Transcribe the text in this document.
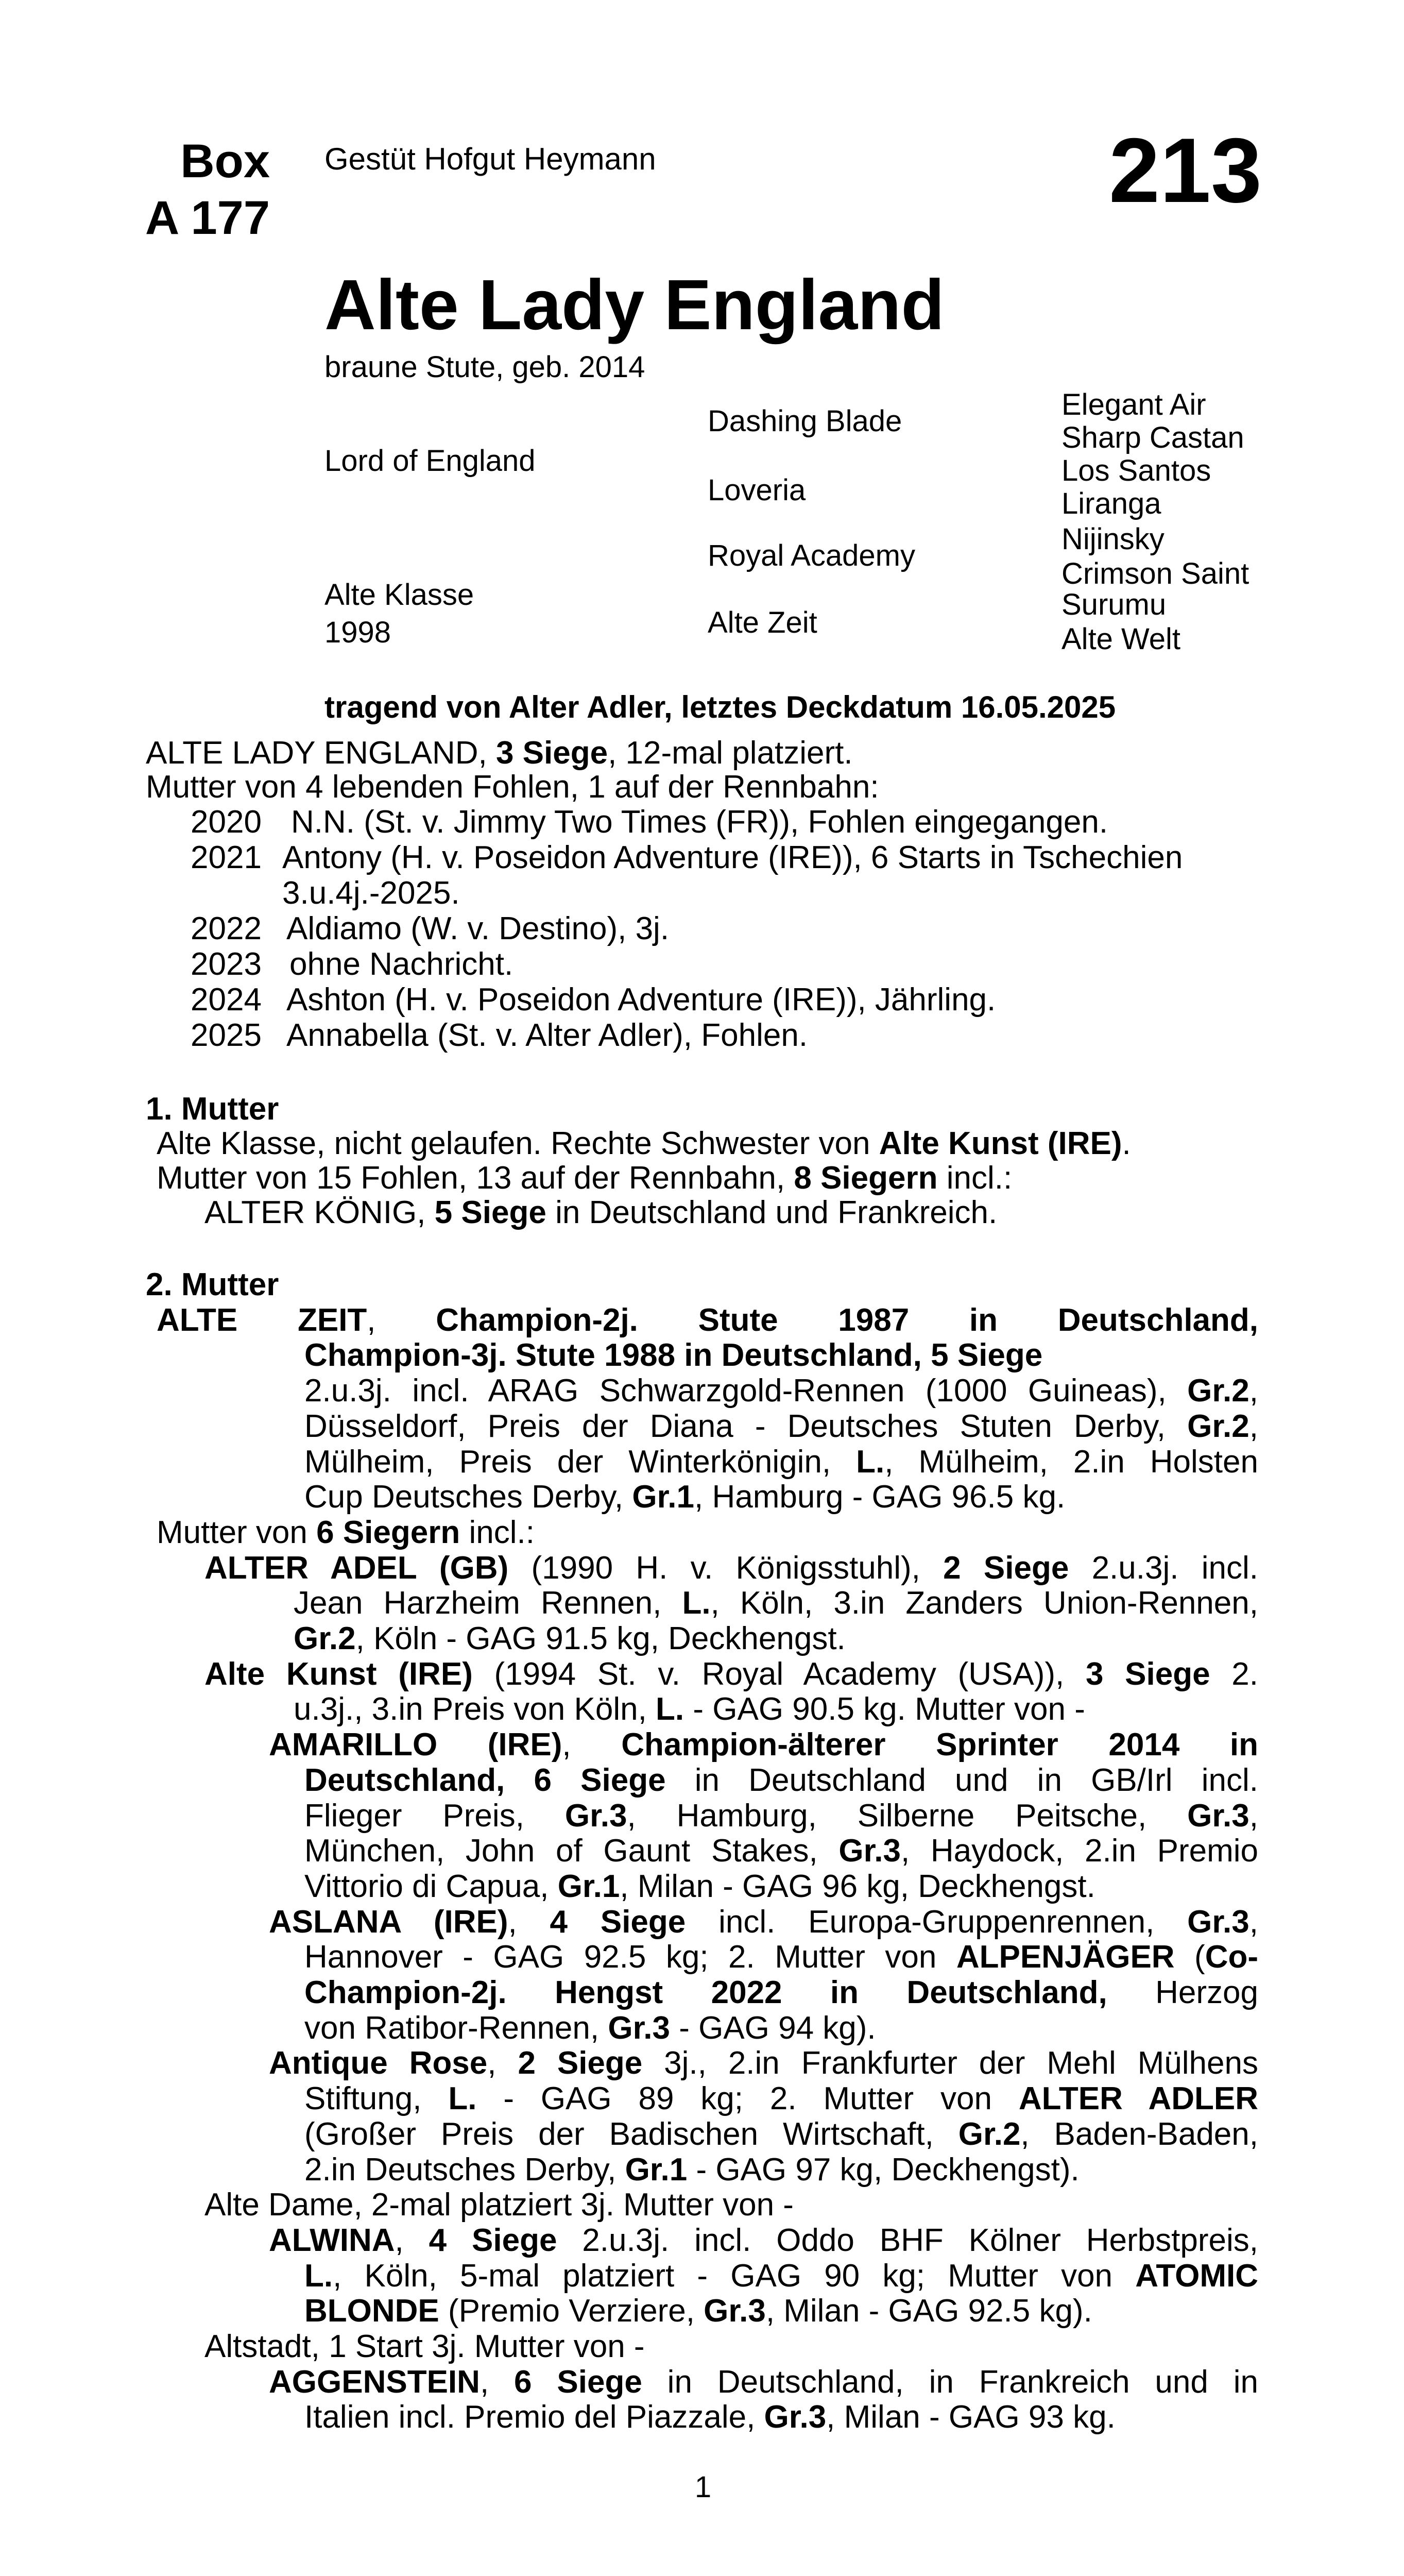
Box
A 177
Gestüt Hofgut Heymann	213
Alte Lady England
braune Stute, geb. 2014
Lord of England
Alte Klasse
1998
Dashing Blade
Loveria
Royal Academy
Alte Zeit
Elegant Air
Sharp Castan
Los Santos
Liranga
Nijinsky
Crimson Saint
Surumu
Alte Welt
tragend von Alter Adler, letztes Deckdatum 16.05.2025
ALTE LADY ENGLAND, 3 Siege, 12-mal platziert.
Mutter von 4 lebenden Fohlen, 1 auf der Rennbahn:
2020 N.N. (St. v. Jimmy Two Times (FR)), Fohlen eingegangen.
2021 Antony (H. v. Poseidon Adventure (IRE)), 6 Starts in Tschechien
3.u.4j.-2025.
2022 Aldiamo (W. v. Destino), 3j.
2023 ohne Nachricht.
2024 Ashton (H. v. Poseidon Adventure (IRE)), Jährling.
2025 Annabella (St. v. Alter Adler), Fohlen.
1. Mutter
Alte Klasse, nicht gelaufen. Rechte Schwester von Alte Kunst (IRE).
Mutter von 15 Fohlen, 13 auf der Rennbahn, 8 Siegern incl.:
ALTER KÖNIG, 5 Siege in Deutschland und Frankreich.
2. Mutter
ALTE ZEIT, Champion-2j. Stute 1987 in Deutschland,
Champion-3j. Stute 1988 in Deutschland, 5 Siege
2.u.3j. incl. ARAG Schwarzgold-Rennen (1000 Guineas), Gr.2,
Düsseldorf, Preis der Diana - Deutsches Stuten Derby, Gr.2,
Mülheim, Preis der Winterkönigin, L., Mülheim, 2.in Holsten
Cup Deutsches Derby, Gr.1, Hamburg - GAG 96.5 kg.
Mutter von 6 Siegern incl.:
ALTER ADEL (GB) (1990 H. v. Königsstuhl), 2 Siege 2.u.3j. incl.
Jean Harzheim Rennen, L., Köln, 3.in Zanders Union-Rennen,
Gr.2, Köln - GAG 91.5 kg, Deckhengst.
Alte Kunst (IRE) (1994 St. v. Royal Academy (USA)), 3 Siege 2.
u.3j., 3.in Preis von Köln, L. - GAG 90.5 kg. Mutter von -
AMARILLO (IRE), Champion-älterer Sprinter 2014 in
Deutschland, 6 Siege in Deutschland und in GB/Irl incl.
Flieger Preis, Gr.3, Hamburg, Silberne Peitsche, Gr.3,
München, John of Gaunt Stakes, Gr.3, Haydock, 2.in Premio
Vittorio di Capua, Gr.1, Milan - GAG 96 kg, Deckhengst.
ASLANA (IRE), 4 Siege incl. Europa-Gruppenrennen, Gr.3,
Hannover - GAG 92.5 kg; 2. Mutter von ALPENJÄGER (Co-
Champion-2j. Hengst 2022 in Deutschland, Herzog
von Ratibor-Rennen, Gr.3 - GAG 94 kg).
Antique Rose, 2 Siege 3j., 2.in Frankfurter der Mehl Mülhens
Stiftung, L. - GAG 89 kg; 2. Mutter von ALTER ADLER
(Großer Preis der Badischen Wirtschaft, Gr.2, Baden-Baden,
2.in Deutsches Derby, Gr.1 - GAG 97 kg, Deckhengst).
Alte Dame, 2-mal platziert 3j. Mutter von -
ALWINA, 4 Siege 2.u.3j. incl. Oddo BHF Kölner Herbstpreis,
L., Köln, 5-mal platziert - GAG 90 kg; Mutter von ATOMIC
BLONDE (Premio Verziere, Gr.3, Milan - GAG 92.5 kg).
Altstadt, 1 Start 3j. Mutter von -
AGGENSTEIN, 6 Siege in Deutschland, in Frankreich und in
Italien incl. Premio del Piazzale, Gr.3, Milan - GAG 93 kg.
1
